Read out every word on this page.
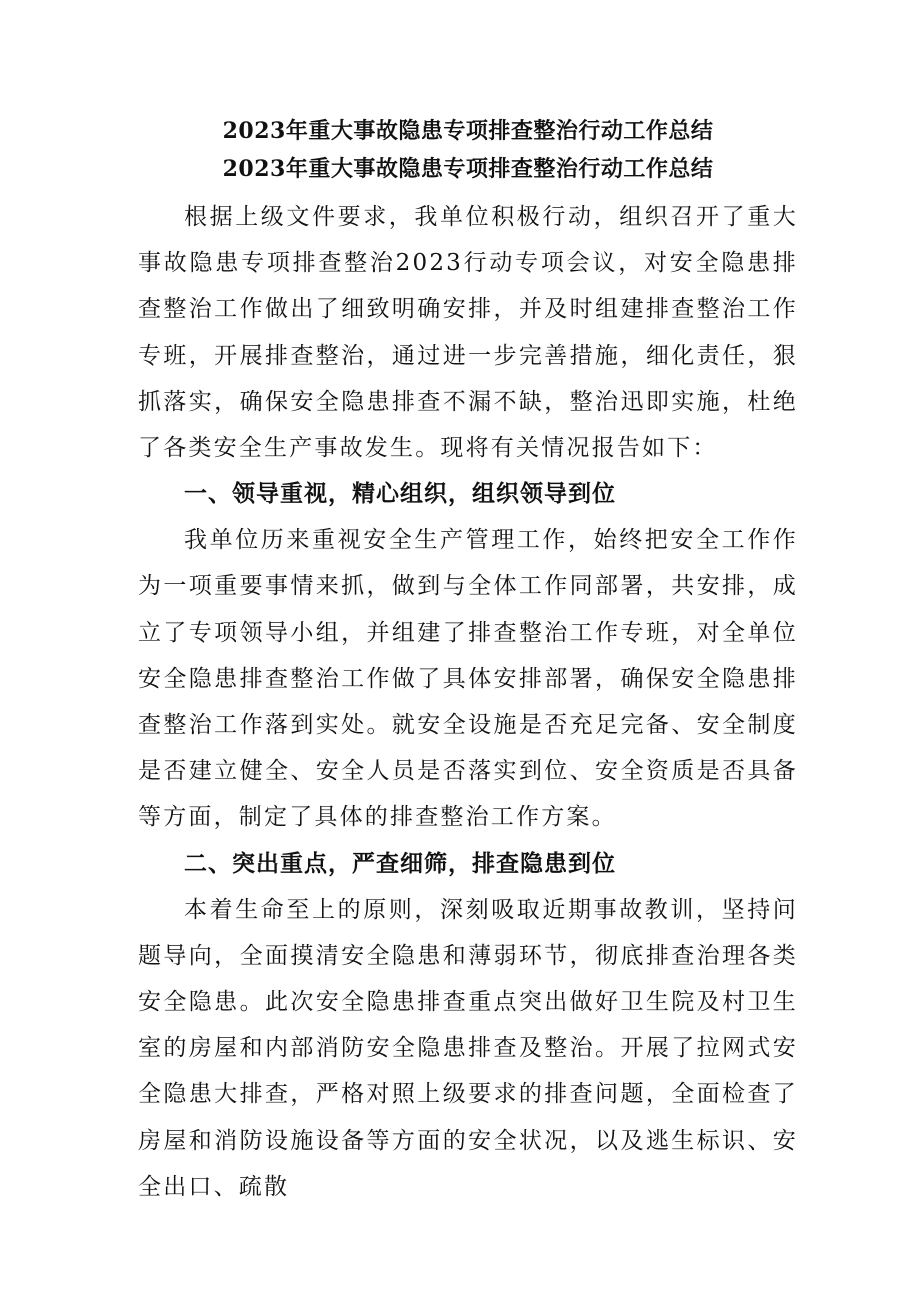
2023年重大事故隐患专项排查整治行动工作总结

2023年重大事故隐患专项排查整治行动工作总结

根据上级文件要求，我单位积极行动，组织召开了重大事故隐患专项排查整治2023行动专项会议，对安全隐患排查整治工作做出了细致明确安排，并及时组建排查整治工作专班，开展排查整治，通过进一步完善措施，细化责任，狠抓落实，确保安全隐患排查不漏不缺，整治迅即实施，杜绝了各类安全生产事故发生。现将有关情况报告如下：

一、领导重视，精心组织，组织领导到位

我单位历来重视安全生产管理工作，始终把安全工作作为一项重要事情来抓，做到与全体工作同部署，共安排，成立了专项领导小组，并组建了排查整治工作专班，对全单位安全隐患排查整治工作做了具体安排部署，确保安全隐患排查整治工作落到实处。就安全设施是否充足完备、安全制度是否建立健全、安全人员是否落实到位、安全资质是否具备等方面，制定了具体的排查整治工作方案。

二、突出重点，严查细筛，排查隐患到位

本着生命至上的原则，深刻吸取近期事故教训，坚持问题导向，全面摸清安全隐患和薄弱环节，彻底排查治理各类安全隐患。此次安全隐患排查重点突出做好卫生院及村卫生室的房屋和内部消防安全隐患排查及整治。开展了拉网式安全隐患大排查，严格对照上级要求的排查问题，全面检查了房屋和消防设施设备等方面的安全状况，以及逃生标识、安全出口、疏散
